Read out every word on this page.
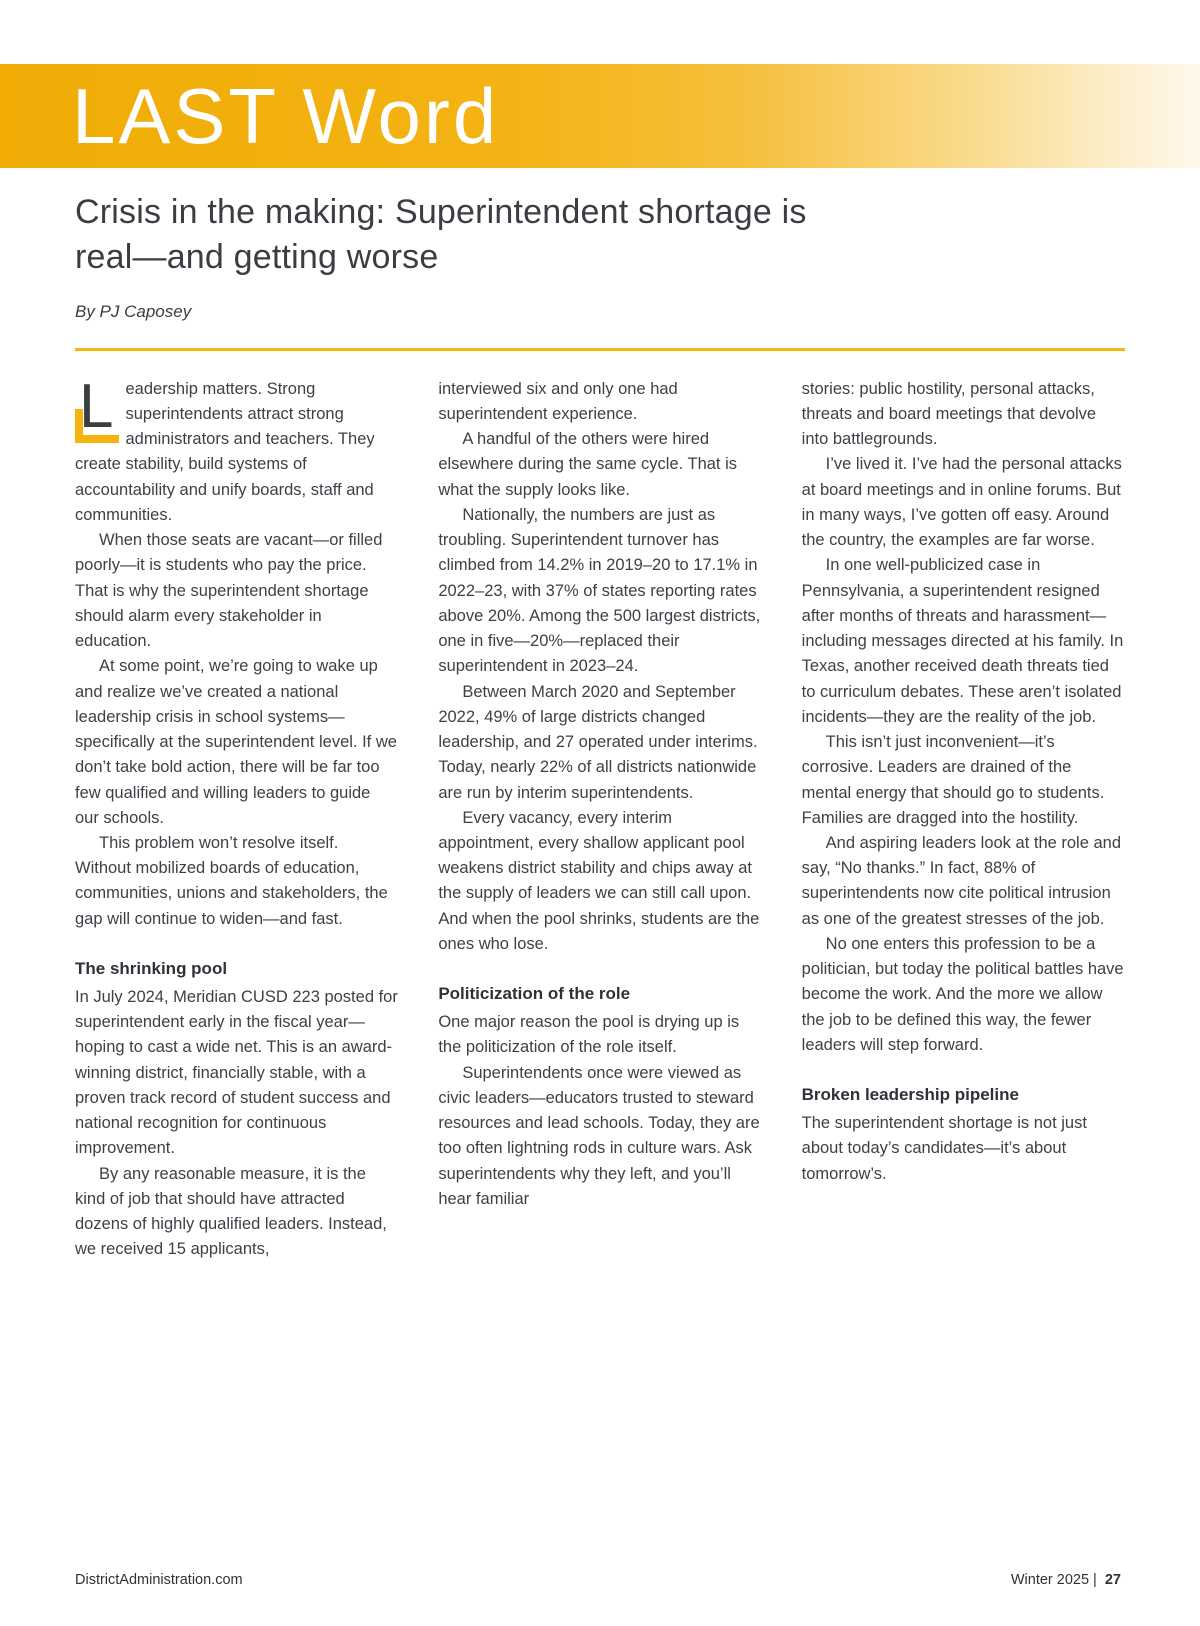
LAST Word
Crisis in the making: Superintendent shortage is real—and getting worse
By PJ Caposey

Leadership matters. Strong superintendents attract strong administrators and teachers. They create stability, build systems of accountability and unify boards, staff and communities.

When those seats are vacant—or filled poorly—it is students who pay the price. That is why the superintendent shortage should alarm every stakeholder in education.

At some point, we’re going to wake up and realize we’ve created a national leadership crisis in school systems—specifically at the superintendent level. If we don’t take bold action, there will be far too few qualified and willing leaders to guide our schools.

This problem won’t resolve itself. Without mobilized boards of education, communities, unions and stakeholders, the gap will continue to widen—and fast.

The shrinking pool

In July 2024, Meridian CUSD 223 posted for superintendent early in the fiscal year—hoping to cast a wide net. This is an award-winning district, financially stable, with a proven track record of student success and national recognition for continuous improvement.

By any reasonable measure, it is the kind of job that should have attracted dozens of highly qualified leaders. Instead, we received 15 applicants,

interviewed six and only one had superintendent experience.

A handful of the others were hired elsewhere during the same cycle. That is what the supply looks like.

Nationally, the numbers are just as troubling. Superintendent turnover has climbed from 14.2% in 2019–20 to 17.1% in 2022–23, with 37% of states reporting rates above 20%. Among the 500 largest districts, one in five—20%—replaced their superintendent in 2023–24.

Between March 2020 and September 2022, 49% of large districts changed leadership, and 27 operated under interims. Today, nearly 22% of all districts nationwide are run by interim superintendents.

Every vacancy, every interim appointment, every shallow applicant pool weakens district stability and chips away at the supply of leaders we can still call upon. And when the pool shrinks, students are the ones who lose.

Politicization of the role

One major reason the pool is drying up is the politicization of the role itself.

Superintendents once were viewed as civic leaders—educators trusted to steward resources and lead schools. Today, they are too often lightning rods in culture wars. Ask superintendents why they left, and you’ll hear familiar

stories: public hostility, personal attacks, threats and board meetings that devolve into battlegrounds.

I’ve lived it. I’ve had the personal attacks at board meetings and in online forums. But in many ways, I’ve gotten off easy. Around the country, the examples are far worse.

In one well-publicized case in Pennsylvania, a superintendent resigned after months of threats and harassment—including messages directed at his family. In Texas, another received death threats tied to curriculum debates. These aren’t isolated incidents—they are the reality of the job.

This isn’t just inconvenient—it’s corrosive. Leaders are drained of the mental energy that should go to students. Families are dragged into the hostility.

And aspiring leaders look at the role and say, “No thanks.” In fact, 88% of superintendents now cite political intrusion as one of the greatest stresses of the job.

No one enters this profession to be a politician, but today the political battles have become the work. And the more we allow the job to be defined this way, the fewer leaders will step forward.

Broken leadership pipeline

The superintendent shortage is not just about today’s candidates—it’s about tomorrow’s.

DistrictAdministration.com	Winter 2025 | 27
